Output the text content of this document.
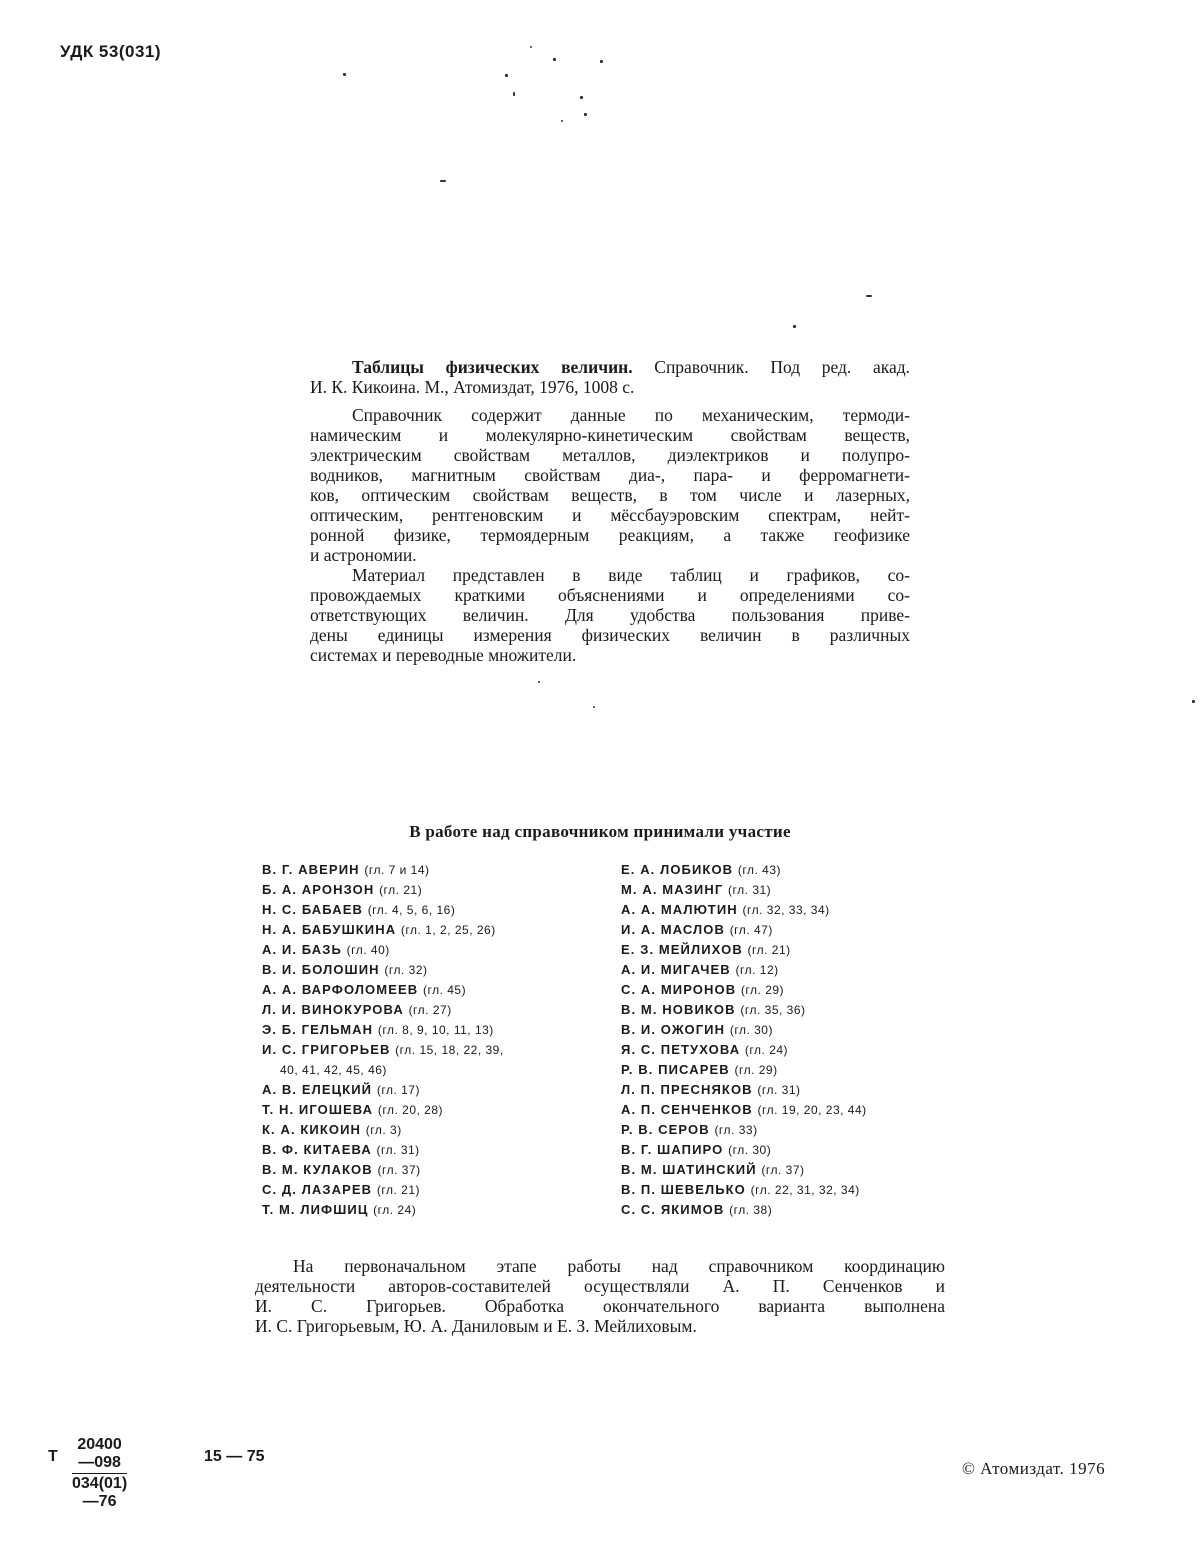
УДК 53(031)
Таблицы физических величин. Справочник. Под ред. акад.
И. К. Кикоина. М., Атомиздат, 1976, 1008 с.
Справочник содержит данные по механическим, термоди-
намическим и молекулярно-кинетическим свойствам веществ,
электрическим свойствам металлов, диэлектриков и полупро-
водников, магнитным свойствам диа-, пара- и ферромагнети-
ков, оптическим свойствам веществ, в том числе и лазерных,
оптическим, рентгеновским и мёссбауэровским спектрам, нейт-
ронной физике, термоядерным реакциям, а также геофизике
и астрономии.
Материал представлен в виде таблиц и графиков, со-
провождаемых краткими объяснениями и определениями со-
ответствующих величин. Для удобства пользования приве-
дены единицы измерения физических величин в различных
системах и переводные множители.
В работе над справочником принимали участие
В. Г. АВЕРИН (гл. 7 и 14)
Б. А. АРОНЗОН (гл. 21)
Н. С. БАБАЕВ (гл. 4, 5, 6, 16)
Н. А. БАБУШКИНА (гл. 1, 2, 25, 26)
А. И. БАЗЬ (гл. 40)
В. И. БОЛОШИН (гл. 32)
А. А. ВАРФОЛОМЕЕВ (гл. 45)
Л. И. ВИНОКУРОВА (гл. 27)
Э. Б. ГЕЛЬМАН (гл. 8, 9, 10, 11, 13)
И. С. ГРИГОРЬЕВ (гл. 15, 18, 22, 39,
40, 41, 42, 45, 46)
А. В. ЕЛЕЦКИЙ (гл. 17)
Т. Н. ИГОШЕВА (гл. 20, 28)
К. А. КИКОИН (гл. 3)
В. Ф. КИТАЕВА (гл. 31)
В. М. КУЛАКОВ (гл. 37)
С. Д. ЛАЗАРЕВ (гл. 21)
Т. М. ЛИФШИЦ (гл. 24)
Е. А. ЛОБИКОВ (гл. 43)
М. А. МАЗИНГ (гл. 31)
А. А. МАЛЮТИН (гл. 32, 33, 34)
И. А. МАСЛОВ (гл. 47)
Е. З. МЕЙЛИХОВ (гл. 21)
А. И. МИГАЧЕВ (гл. 12)
С. А. МИРОНОВ (гл. 29)
В. М. НОВИКОВ (гл. 35, 36)
В. И. ОЖОГИН (гл. 30)
Я. С. ПЕТУХОВА (гл. 24)
Р. В. ПИСАРЕВ (гл. 29)
Л. П. ПРЕСНЯКОВ (гл. 31)
А. П. СЕНЧЕНКОВ (гл. 19, 20, 23, 44)
Р. В. СЕРОВ (гл. 33)
В. Г. ШАПИРО (гл. 30)
В. М. ШАТИНСКИЙ (гл. 37)
В. П. ШЕВЕЛЬКО (гл. 22, 31, 32, 34)
С. С. ЯКИМОВ (гл. 38)
На первоначальном этапе работы над справочником координацию
деятельности авторов-составителей осуществляли А. П. Сенченков и
И. С. Григорьев. Обработка окончательного варианта выполнена
И. С. Григорьевым, Ю. А. Даниловым и Е. З. Мейлиховым.
Т $\frac{20400—098}{034(01)—76}$	15 — 75
© Атомиздат. 1976
